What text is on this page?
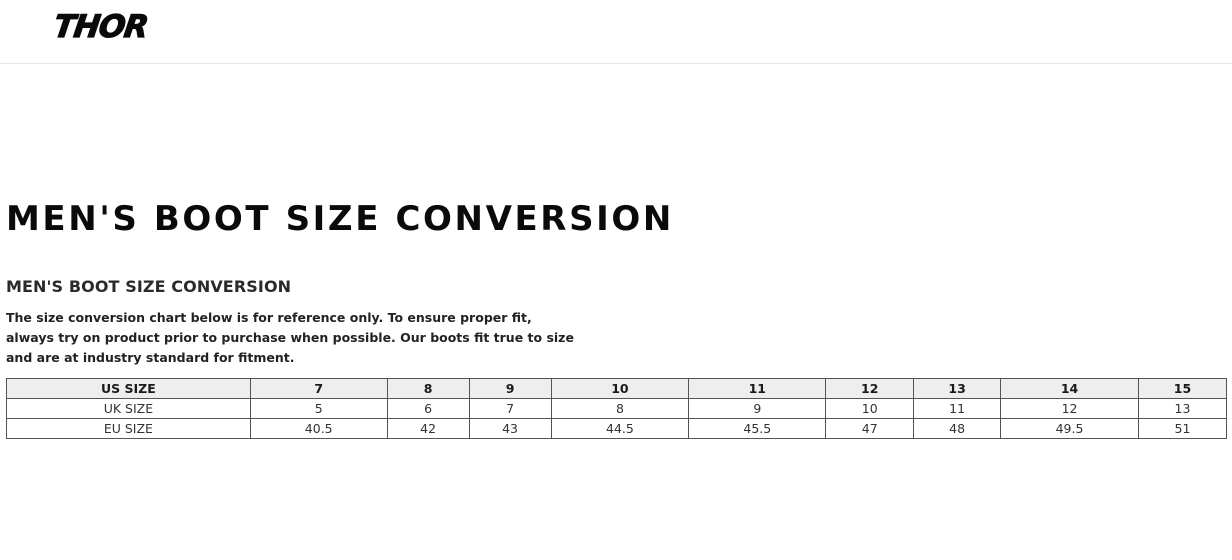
THOR
MEN'S BOOT SIZE CONVERSION
MEN'S BOOT SIZE CONVERSION

The size conversion chart below is for reference only. To ensure proper fit, always try on product prior to purchase when possible. Our boots fit true to size and are at industry standard for fitment.

US SIZE	7	8	9	10	11	12	13	14	15
UK SIZE	5	6	7	8	9	10	11	12	13
EU SIZE	40.5	42	43	44.5	45.5	47	48	49.5	51
